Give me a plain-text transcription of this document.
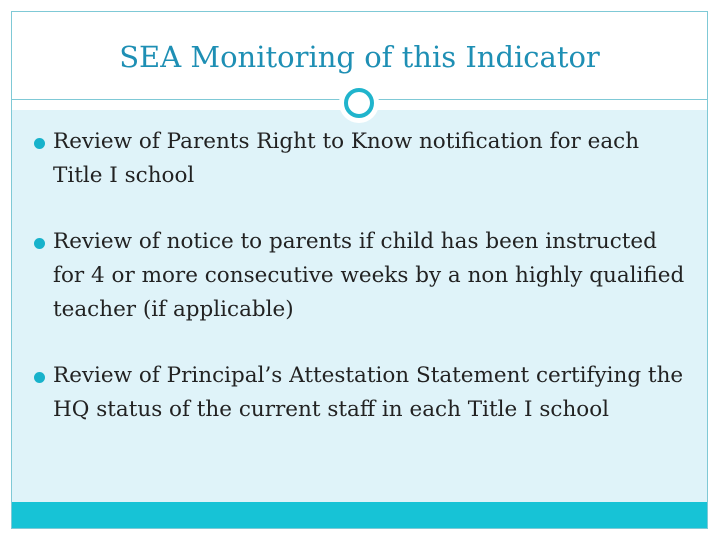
SEA Monitoring of this Indicator
Review of Parents Right to Know notification for each Title I school
Review of notice to parents if child has been instructed for 4 or more consecutive weeks by a non highly qualified teacher (if applicable)
Review of Principal’s Attestation Statement certifying the HQ status of the current staff in each Title I school
